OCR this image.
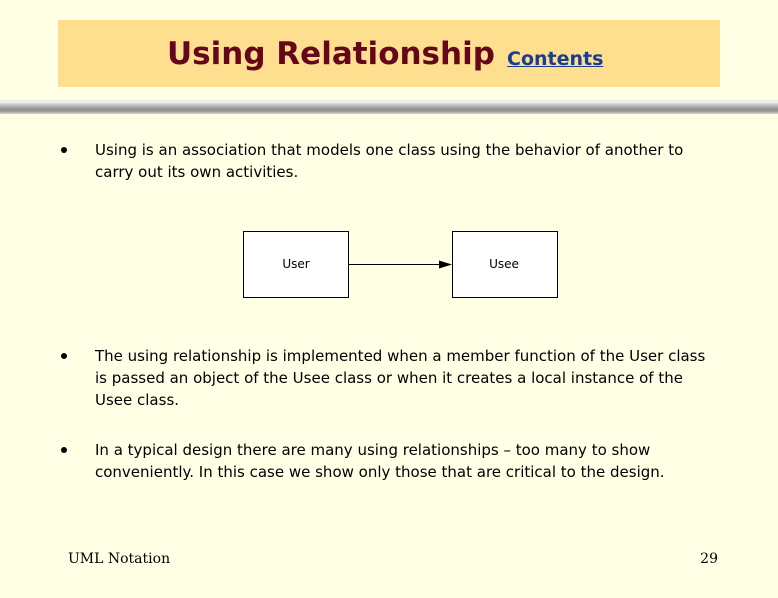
Using Relationship Contents
Using is an association that models one class using the behavior of another to carry out its own activities.
User	Usee
The using relationship is implemented when a member function of the User class is passed an object of the Usee class or when it creates a local instance of the Usee class.
In a typical design there are many using relationships – too many to show conveniently. In this case we show only those that are critical to the design.
UML Notation	29
